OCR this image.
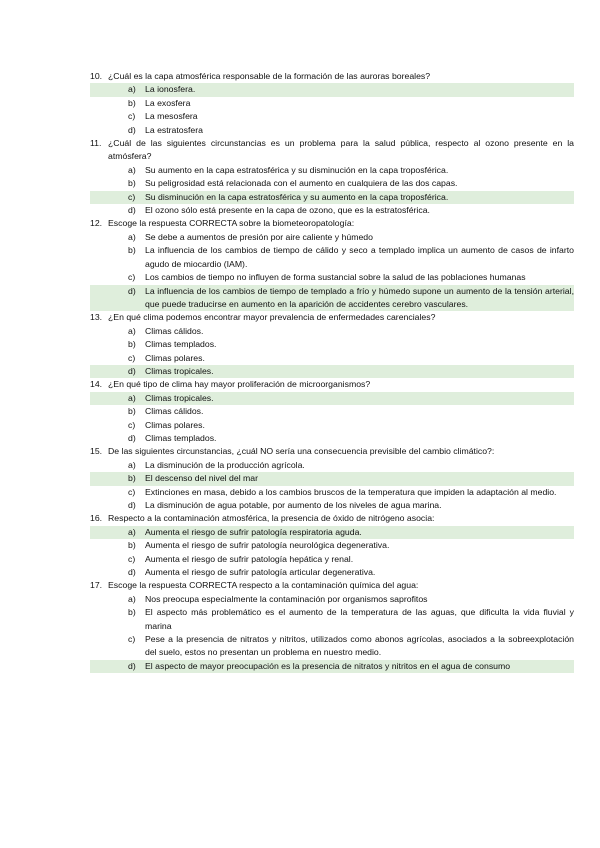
10. ¿Cuál es la capa atmosférica responsable de la formación de las auroras boreales?
a) La ionosfera.
b) La exosfera
c) La mesosfera
d) La estratosfera
11. ¿Cuál de las siguientes circunstancias es un problema para la salud pública, respecto al ozono presente en la atmósfera?
a) Su aumento en la capa estratosférica y su disminución en la capa troposférica.
b) Su peligrosidad está relacionada con el aumento en cualquiera de las dos capas.
c) Su disminución en la capa estratosférica y su aumento en la capa troposférica.
d) El ozono sólo está presente en la capa de ozono, que es la estratosférica.
12. Escoge la respuesta CORRECTA sobre la biometeoropatología:
a) Se debe a aumentos de presión por aire caliente y húmedo
b) La influencia de los cambios de tiempo de cálido y seco a templado implica un aumento de casos de infarto agudo de miocardio (IAM).
c) Los cambios de tiempo no influyen de forma sustancial sobre la salud de las poblaciones humanas
d) La influencia de los cambios de tiempo de templado a frío y húmedo supone un aumento de la tensión arterial, que puede traducirse en aumento en la aparición de accidentes cerebro vasculares.
13. ¿En qué clima podemos encontrar mayor prevalencia de enfermedades carenciales?
a) Climas cálidos.
b) Climas templados.
c) Climas polares.
d) Climas tropicales.
14. ¿En qué tipo de clima hay mayor proliferación de microorganismos?
a) Climas tropicales.
b) Climas cálidos.
c) Climas polares.
d) Climas templados.
15. De las siguientes circunstancias, ¿cuál NO sería una consecuencia previsible del cambio climático?:
a) La disminución de la producción agrícola.
b) El descenso del nivel del mar
c) Extinciones en masa, debido a los cambios bruscos de la temperatura que impiden la adaptación al medio.
d) La disminución de agua potable, por aumento de los niveles de agua marina.
16. Respecto a la contaminación atmosférica, la presencia de óxido de nitrógeno asocia:
a) Aumenta el riesgo de sufrir patología respiratoria aguda.
b) Aumenta el riesgo de sufrir patología neurológica degenerativa.
c) Aumenta el riesgo de sufrir patología hepática y renal.
d) Aumenta el riesgo de sufrir patología articular degenerativa.
17. Escoge la respuesta CORRECTA respecto a la contaminación química del agua:
a) Nos preocupa especialmente la contaminación por organismos saprofitos
b) El aspecto más problemático es el aumento de la temperatura de las aguas, que dificulta la vida fluvial y marina
c) Pese a la presencia de nitratos y nitritos, utilizados como abonos agrícolas, asociados a la sobreexplotación del suelo, estos no presentan un problema en nuestro medio.
d) El aspecto de mayor preocupación es la presencia de nitratos y nitritos en el agua de consumo
